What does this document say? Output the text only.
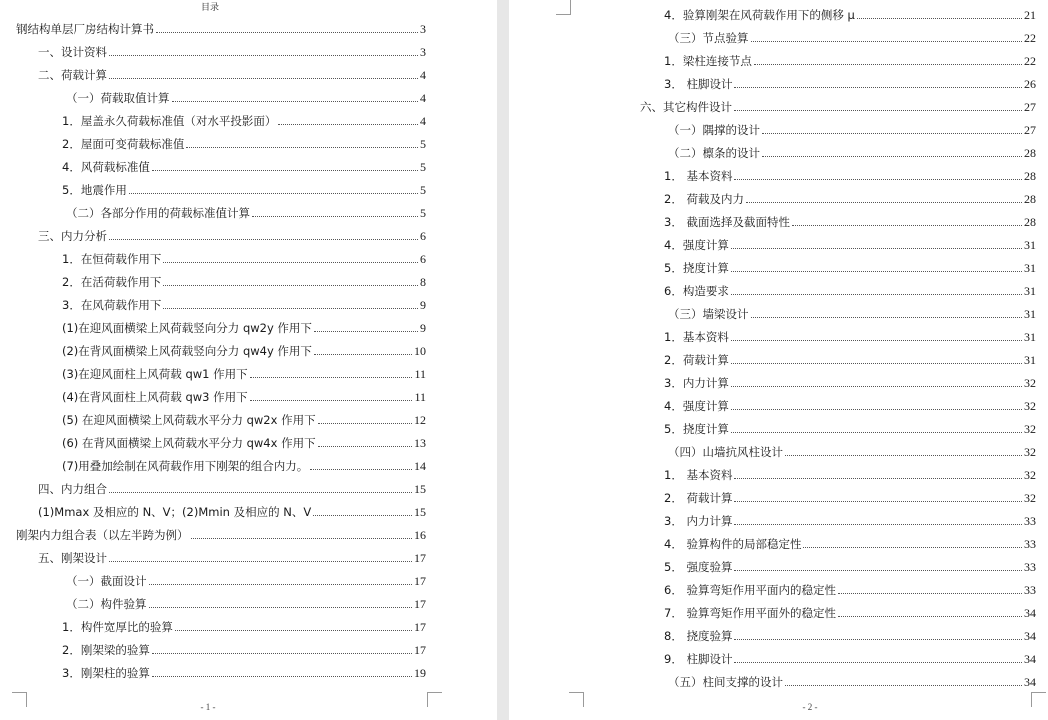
目录
钢结构单层厂房结构计算书	3
一、设计资料	3
二、荷载计算	4
（一）荷载取值计算	4
1．屋盖永久荷载标准值（对水平投影面）	4
2．屋面可变荷载标准值	5
4．风荷载标准值	5
5．地震作用	5
（二）各部分作用的荷载标准值计算	5
三、内力分析	6
1．在恒荷载作用下	6
2．在活荷载作用下	8
3．在风荷载作用下	9
(1)在迎风面横梁上风荷载竖向分力 qw2y 作用下	9
(2)在背风面横梁上风荷载竖向分力 qw4y 作用下	10
(3)在迎风面柱上风荷载 qw1 作用下	11
(4)在背风面柱上风荷载 qw3 作用下	11
(5) 在迎风面横梁上风荷载水平分力 qw2x 作用下	12
(6) 在背风面横梁上风荷载水平分力 qw4x 作用下	13
(7)用叠加绘制在风荷载作用下刚架的组合内力。	14
四、内力组合	15
(1)Mmax 及相应的 N、V；(2)Mmin 及相应的 N、V	15
刚架内力组合表（以左半跨为例）	16
五、刚架设计	17
（一）截面设计	17
（二）构件验算	17
1．构件宽厚比的验算	17
2．刚架梁的验算	17
3．刚架柱的验算	19
- 1 -
4．验算刚架在风荷载作用下的侧移 μ	21
（三）节点验算	22
1．梁柱连接节点	22
3． 柱脚设计	26
六、其它构件设计	27
（一）隅撑的设计	27
（二）檩条的设计	28
1． 基本资料	28
2． 荷载及内力	28
3． 截面选择及截面特性	28
4．强度计算	31
5．挠度计算	31
6．构造要求	31
（三）墙梁设计	31
1．基本资料	31
2．荷载计算	31
3．内力计算	32
4．强度计算	32
5．挠度计算	32
（四）山墙抗风柱设计	32
1． 基本资料	32
2． 荷载计算	32
3． 内力计算	33
4． 验算构件的局部稳定性	33
5． 强度验算	33
6． 验算弯矩作用平面内的稳定性	33
7． 验算弯矩作用平面外的稳定性	34
8． 挠度验算	34
9． 柱脚设计	34
（五）柱间支撑的设计	34
- 2 -
